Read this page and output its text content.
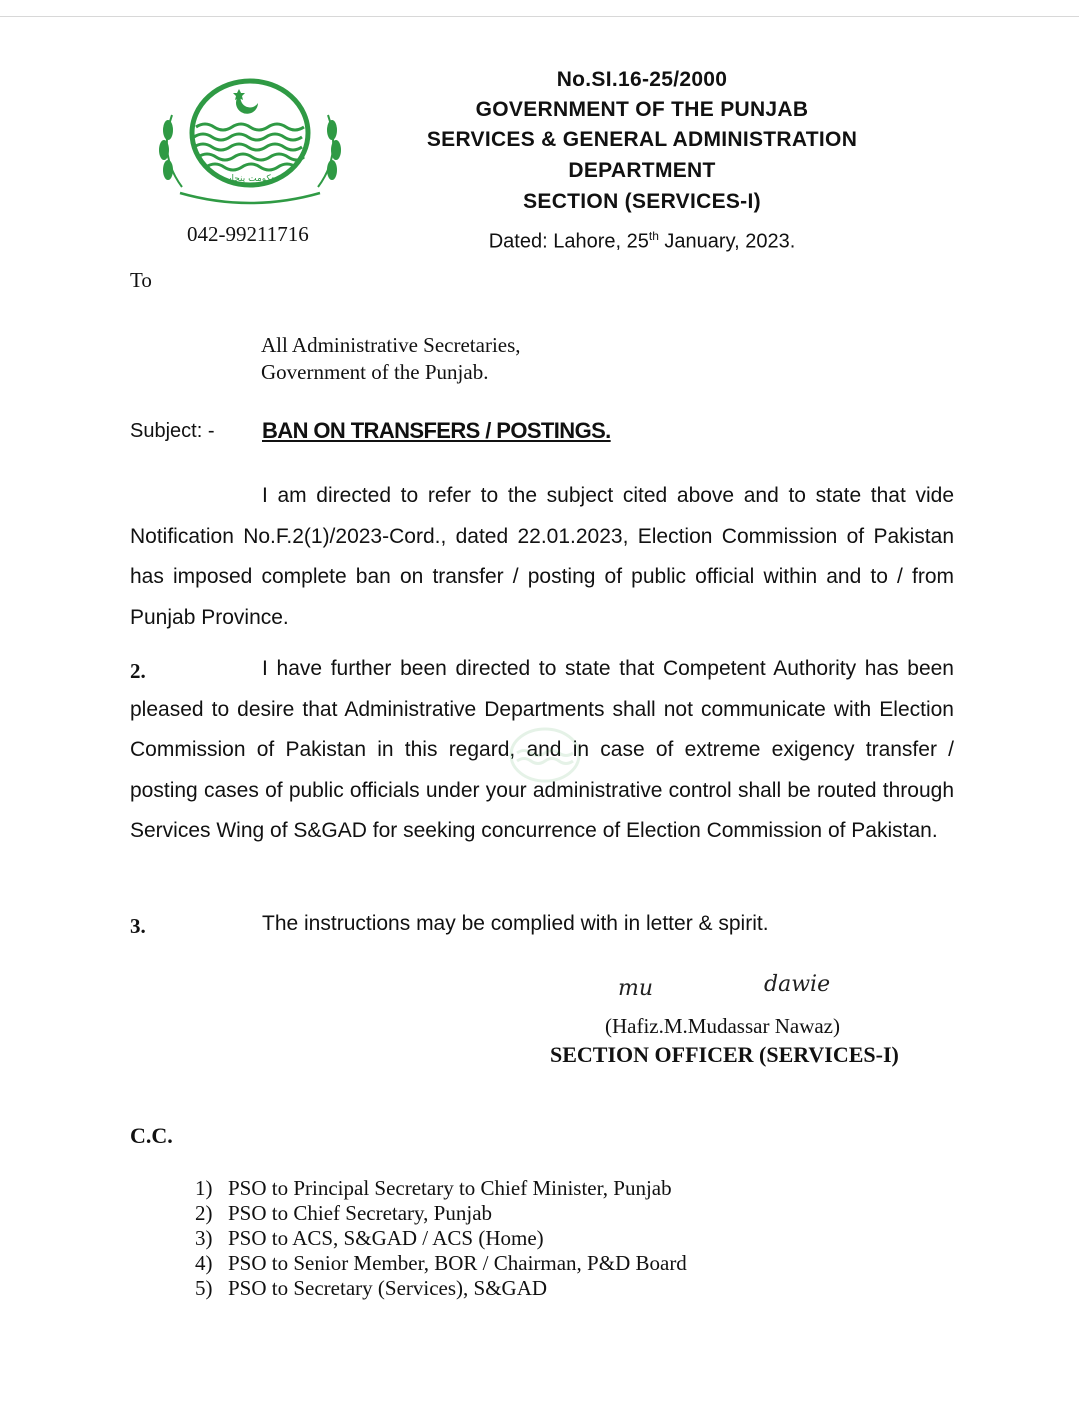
حکومت پنجاب
No.SI.16-25/2000
GOVERNMENT OF THE PUNJAB
SERVICES & GENERAL ADMINISTRATION
DEPARTMENT
SECTION (SERVICES-I)
042-99211716	Dated: Lahore, 25th January, 2023.
To
All Administrative Secretaries,
Government of the Punjab.
Subject: - BAN ON TRANSFERS / POSTINGS.
I am directed to refer to the subject cited above and to state that vide Notification No.F.2(1)/2023-Cord., dated 22.01.2023, Election Commission of Pakistan has imposed complete ban on transfer / posting of public official within and to / from Punjab Province.
2.	I have further been directed to state that Competent Authority has been pleased to desire that Administrative Departments shall not communicate with Election Commission of Pakistan in this regard, and in case of extreme exigency transfer / posting cases of public officials under your administrative control shall be routed through Services Wing of S&GAD for seeking concurrence of Election Commission of Pakistan.
3.	The instructions may be complied with in letter & spirit.
mu	dawie
(Hafiz.M.Mudassar Nawaz)
SECTION OFFICER (SERVICES-I)
C.C.
1) PSO to Principal Secretary to Chief Minister, Punjab
2) PSO to Chief Secretary, Punjab
3) PSO to ACS, S&GAD / ACS (Home)
4) PSO to Senior Member, BOR / Chairman, P&D Board
5) PSO to Secretary (Services), S&GAD
